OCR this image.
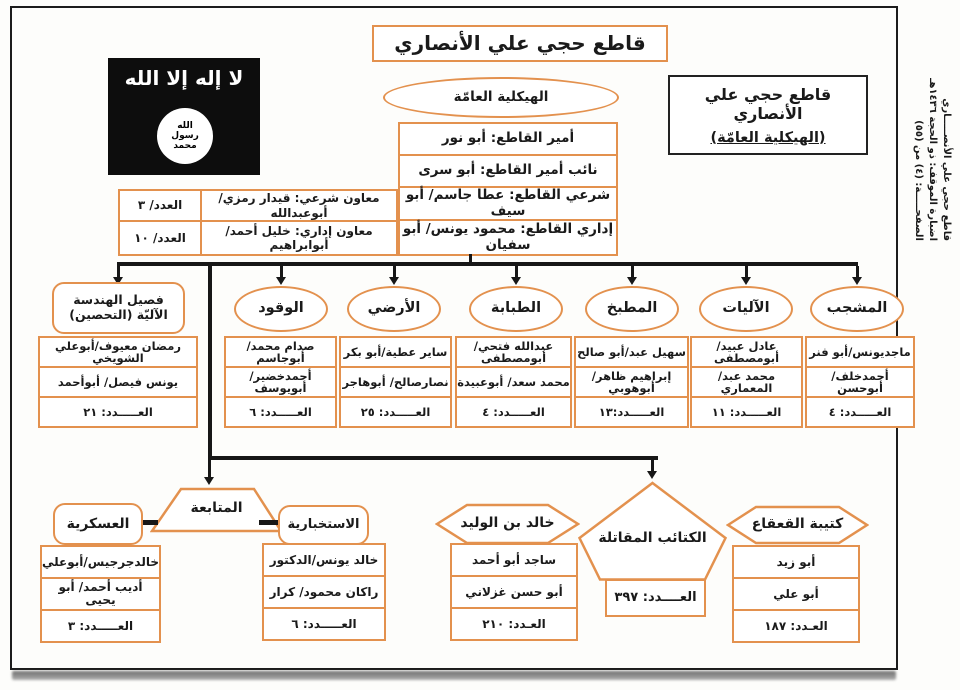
لا إله إلا الله
الله
رسول
محمد
قاطع حجي علي الأنصاري
الهيكلية العامّة	قاطع حجي علي الأنصاري
(الهيكلية العامّة)	قاطع حجي علي الأنصـــــاري
اضبارة الموقف: ذو الحجة ١٤٣٦هـ
الصفحـــــة: (٤) من (٥٥)
أمير القاطع: أبو نور
نائب أمير القاطع: أبو سرى
شرعي القاطع: عطا جاسم/ أبو سيف
إداري القاطع: محمود يونس/ أبو سفيان
العدد/ ٣
معاون شرعي: قيدار رمزي/أبوعبدالله
العدد/ ١٠
معاون إداري: خليل أحمد/ أبوابراهيم
فصيل الهندسة الآليّة (التحصين)	الوقود	الأرضي	الطبابة	المطبخ	الآليات	المشجب
رمضان معيوف/أبوعلي الشويخي
يونس فيصل/ أبوأحمد
العـــــدد: ٢١
صدام محمد/أبوجاسم
أحمدخضير/ أبويوسف
العـــــدد: ٦
ساير عطية/أبو بكر
نصارصالح/ أبوهاجر
العـــــدد: ٢٥
عبدالله فتحي/أبومصطفى
محمد سعد/ أبوعبيدة
العـــــدد: ٤
سهيل عبد/أبو صالح
إبراهيم ظاهر/أبوهوبي
العـــــدد:١٣
عادل عبيد/أبومصطفى
محمد عبد/ المعماري
العـــــدد: ١١
ماجديونس/أبو فنر
أحمدخلف/ أبوحسن
العـــــدد: ٤
المتابعة
العسكرية
خالدجرجيس/أبوعلي
أديب أحمد/ أبو يحيى
العـــــدد: ٣
الاستخبارية
خالد يونس/الدكتور
راكان محمود/ كرار
العـــــدد: ٦
خالد بن الوليد
ساجد أبو أحمد
أبو حسن غزلاني
العـدد: ٢١٠
الكتائب المقاتلة
العــــدد: ٣٩٧
كتيبة القعقاع
أبو زيد
أبو علي
العـدد: ١٨٧
